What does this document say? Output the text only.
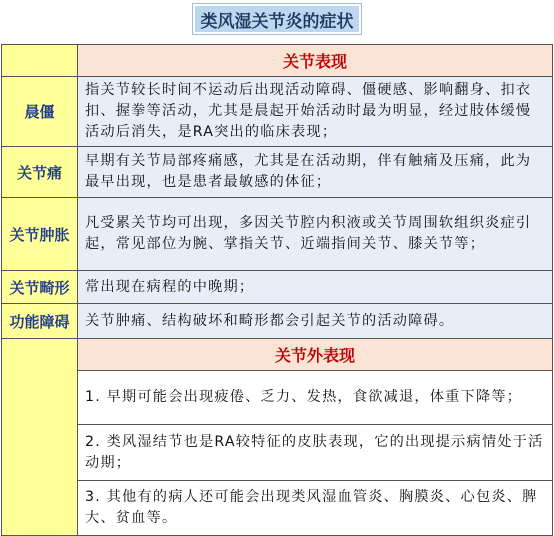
类风湿关节炎的症状
	关节表现
晨僵	指关节较长时间不运动后出现活动障碍、僵硬感、影响翻身、扣衣扣、握拳等活动，尤其是晨起开始活动时最为明显，经过肢体缓慢活动后消失，是RA突出的临床表现；
关节痛	早期有关节局部疼痛感，尤其是在活动期，伴有触痛及压痛，此为最早出现，也是患者最敏感的体征；
关节肿胀	凡受累关节均可出现，多因关节腔内积液或关节周围软组织炎症引起，常见部位为腕、掌指关节、近端指间关节、膝关节等；
关节畸形	常出现在病程的中晚期；
功能障碍	关节肿痛、结构破坏和畸形都会引起关节的活动障碍。
	关节外表现
	1. 早期可能会出现疲倦、乏力、发热，食欲减退，体重下降等；
	2. 类风湿结节也是RA较特征的皮肤表现，它的出现提示病情处于活动期；
	3. 其他有的病人还可能会出现类风湿血管炎、胸膜炎、心包炎、脾大、贫血等。
